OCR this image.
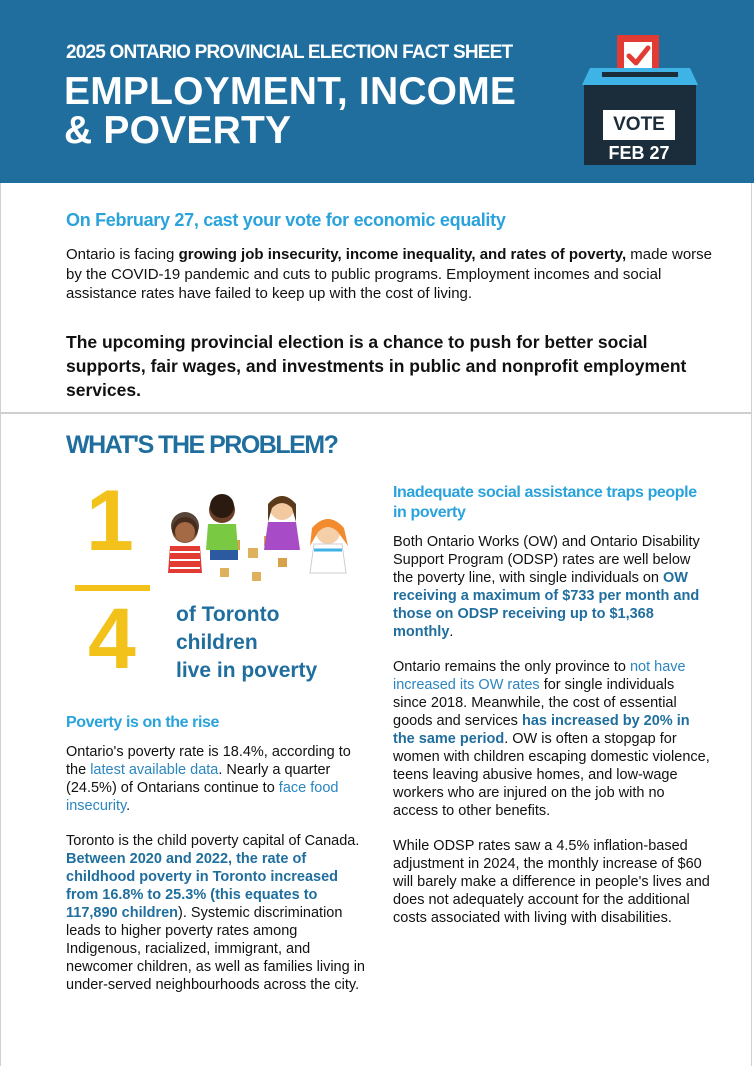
2025 ONTARIO PROVINCIAL ELECTION FACT SHEET
EMPLOYMENT, INCOME
& POVERTY	VOTE
FEB 27
On February 27, cast your vote for economic equality
Ontario is facing growing job insecurity, income inequality, and rates of poverty, made worse by the COVID-19 pandemic and cuts to public programs. Employment incomes and social assistance rates have failed to keep up with the cost of living.
The upcoming provincial election is a chance to push for better social supports, fair wages, and investments in public and nonprofit employment services.
WHAT'S THE PROBLEM?
1
4 of Toronto
children
live in poverty
Poverty is on the rise

Ontario's poverty rate is 18.4%, according to the latest available data. Nearly a quarter (24.5%) of Ontarians continue to face food insecurity.

Toronto is the child poverty capital of Canada. Between 2020 and 2022, the rate of childhood poverty in Toronto increased from 16.8% to 25.3% (this equates to 117,890 children). Systemic discrimination leads to higher poverty rates among Indigenous, racialized, immigrant, and newcomer children, as well as families living in under-served neighbourhoods across the city.

Inadequate social assistance traps people in poverty

Both Ontario Works (OW) and Ontario Disability Support Program (ODSP) rates are well below the poverty line, with single individuals on OW receiving a maximum of $733 per month and those on ODSP receiving up to $1,368 monthly.

Ontario remains the only province to not have increased its OW rates for single individuals since 2018. Meanwhile, the cost of essential goods and services has increased by 20% in the same period. OW is often a stopgap for women with children escaping domestic violence, teens leaving abusive homes, and low-wage workers who are injured on the job with no access to other benefits.

While ODSP rates saw a 4.5% inflation-based adjustment in 2024, the monthly increase of $60 will barely make a difference in people's lives and does not adequately account for the additional costs associated with living with disabilities.
